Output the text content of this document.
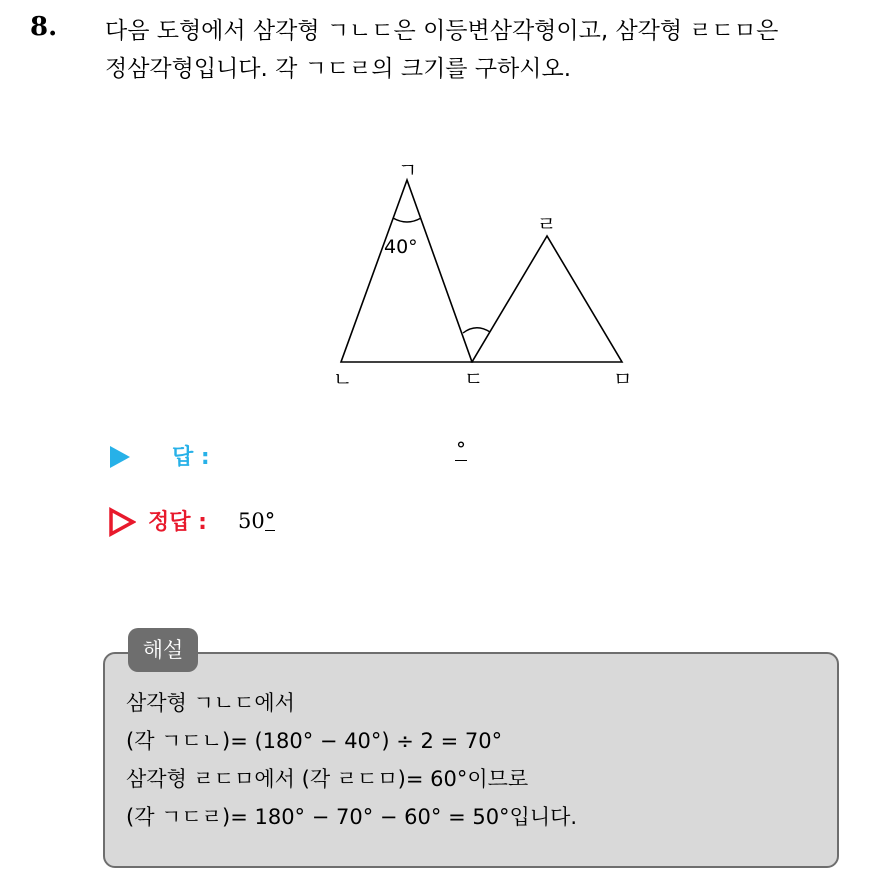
8. 다음 도형에서 삼각형 ㄱㄴㄷ은 이등변삼각형이고, 삼각형 ㄹㄷㅁ은
정삼각형입니다. 각 ㄱㄷㄹ의 크기를 구하시오.
ㄱ
ㄴ	ㄷ
ㄹ
ㅁ
40°
답 :	°
정답 : 50°
해설
삼각형 ㄱㄴㄷ에서
(각 ㄱㄷㄴ)= (180° − 40°) ÷ 2 = 70°
삼각형 ㄹㄷㅁ에서 (각 ㄹㄷㅁ)= 60°이므로
(각 ㄱㄷㄹ)= 180° − 70° − 60° = 50°입니다.
